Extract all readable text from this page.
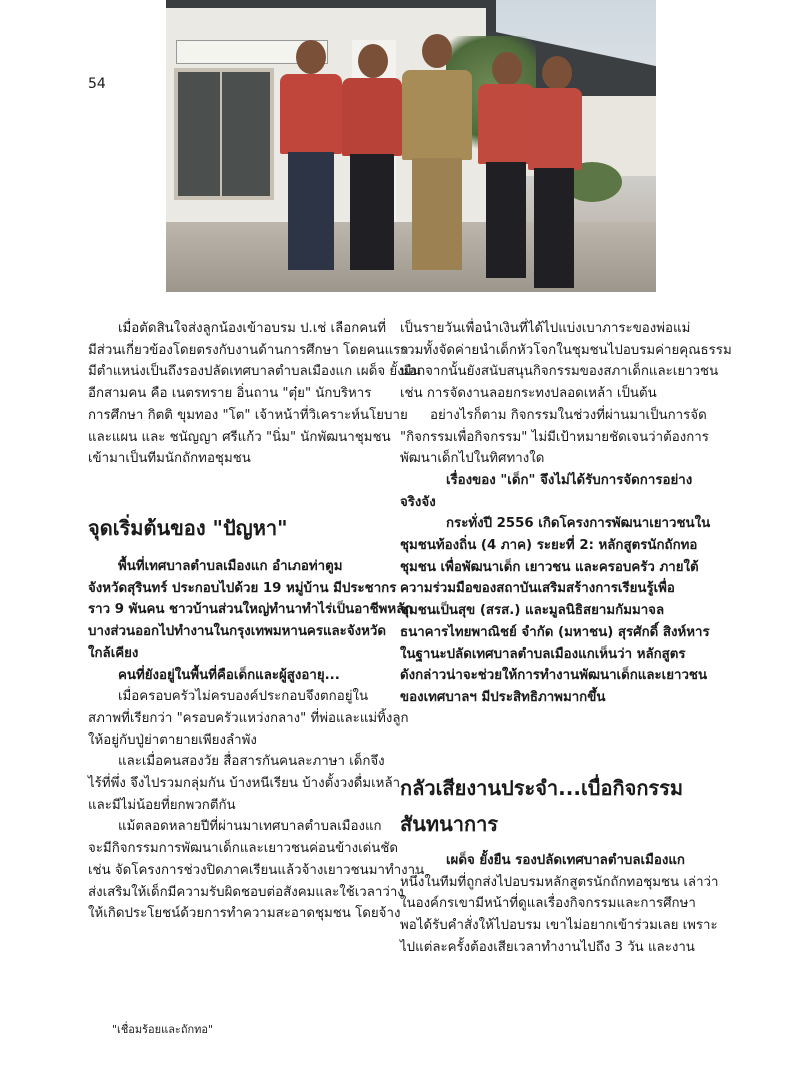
54

เมื่อตัดสินใจส่งลูกน้องเข้าอบรม ป.เช่ เลือกคนที่

มีส่วนเกี่ยวข้องโดยตรงกับงานด้านการศึกษา โดยคนแรก

มีตำแหน่งเป็นถึงรองปลัดเทศบาลตำบลเมืองแก เผด็จ ยั้งยืน

อีกสามคน คือ เนตรทราย อิ่นถาน "ตุ๋ย" นักบริหาร

การศึกษา กิตติ ขุมทอง "โต" เจ้าหน้าที่วิเคราะห์นโยบาย

และแผน และ ชนัญญา ศรีแก้ว "นิ่ม" นักพัฒนาชุมชน

เข้ามาเป็นทีมนักถักทอชุมชน

จุดเริ่มต้นของ "ปัญหา"

พื้นที่เทศบาลตำบลเมืองแก อำเภอท่าตูม

จังหวัดสุรินทร์ ประกอบไปด้วย 19 หมู่บ้าน มีประชากร

ราว 9 พันคน ชาวบ้านส่วนใหญ่ทำนาทำไร่เป็นอาชีพหลัก

บางส่วนออกไปทำงานในกรุงเทพมหานครและจังหวัด

ใกล้เคียง

คนที่ยังอยู่ในพื้นที่คือเด็กและผู้สูงอายุ...

เมื่อครอบครัวไม่ครบองค์ประกอบจึงตกอยู่ใน

สภาพที่เรียกว่า "ครอบครัวแหว่งกลาง" ที่พ่อและแม่ทิ้งลูก

ให้อยู่กับปู่ย่าตายายเพียงลำพัง

และเมื่อคนสองวัย สื่อสารกันคนละภาษา เด็กจึง

ไร้ที่พึ่ง จึงไปรวมกลุ่มกัน บ้างหนีเรียน บ้างตั้งวงดื่มเหล้า

และมีไม่น้อยที่ยกพวกตีกัน

แม้ตลอดหลายปีที่ผ่านมาเทศบาลตำบลเมืองแก

จะมีกิจกรรมการพัฒนาเด็กและเยาวชนค่อนข้างเด่นชัด

เช่น จัดโครงการช่วงปิดภาคเรียนแล้วจ้างเยาวชนมาทำงาน

ส่งเสริมให้เด็กมีความรับผิดชอบต่อสังคมและใช้เวลาว่าง

ให้เกิดประโยชน์ด้วยการทำความสะอาดชุมชน โดยจ้าง

เป็นรายวันเพื่อนำเงินที่ได้ไปแบ่งเบาภาระของพ่อแม่

รวมทั้งจัดค่ายนำเด็กหัวโจกในชุมชนไปอบรมค่ายคุณธรรม

นอกจากนั้นยังสนับสนุนกิจกรรมของสภาเด็กและเยาวชน

เช่น การจัดงานลอยกระทงปลอดเหล้า เป็นต้น

อย่างไรก็ตาม กิจกรรมในช่วงที่ผ่านมาเป็นการจัด

"กิจกรรมเพื่อกิจกรรม" ไม่มีเป้าหมายชัดเจนว่าต้องการ

พัฒนาเด็กไปในทิศทางใด

เรื่องของ "เด็ก" จึงไม่ได้รับการจัดการอย่าง

จริงจัง

กระทั่งปี 2556 เกิดโครงการพัฒนาเยาวชนใน

ชุมชนท้องถิ่น (4 ภาค) ระยะที่ 2: หลักสูตรนักถักทอ

ชุมชน เพื่อพัฒนาเด็ก เยาวชน และครอบครัว ภายใต้

ความร่วมมือของสถาบันเสริมสร้างการเรียนรู้เพื่อ

ชุมชนเป็นสุข (สรส.) และมูลนิธิสยามกัมมาจล

ธนาคารไทยพาณิชย์ จำกัด (มหาชน) สุรศักดิ์ สิงห์หาร

ในฐานะปลัดเทศบาลตำบลเมืองแกเห็นว่า หลักสูตร

ดังกล่าวน่าจะช่วยให้การทำงานพัฒนาเด็กและเยาวชน

ของเทศบาลฯ มีประสิทธิภาพมากขึ้น

กลัวเสียงานประจำ...เบื่อกิจกรรม
สันทนาการ

เผด็จ ยั้งยืน รองปลัดเทศบาลตำบลเมืองแก

หนึ่งในทีมที่ถูกส่งไปอบรมหลักสูตรนักถักทอชุมชน เล่าว่า

ในองค์กรเขามีหน้าที่ดูแลเรื่องกิจกรรมและการศึกษา

พอได้รับคำสั่งให้ไปอบรม เขาไม่อยากเข้าร่วมเลย เพราะ

ไปแต่ละครั้งต้องเสียเวลาทำงานไปถึง 3 วัน และงาน

"เชื่อมร้อยและถักทอ"
